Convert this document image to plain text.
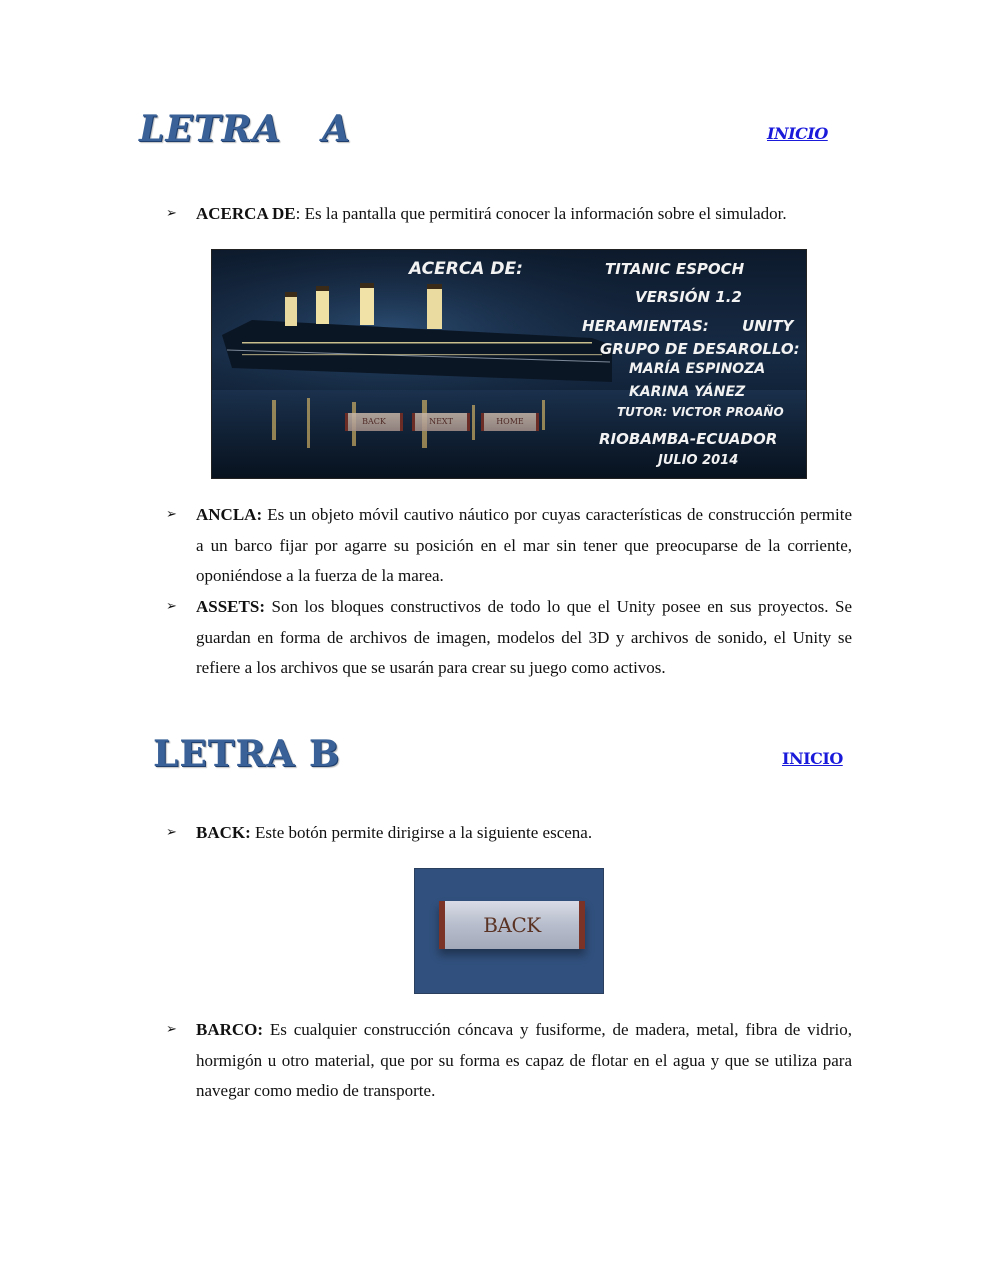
LETRA   A	INICIO
➢ ACERCA DE: Es la pantalla que permitirá conocer la información sobre el simulador.
ACERCA DE:	TITANIC ESPOCH
VERSIÓN 1.2
HERAMIENTAS: UNITY
GRUPO DE DESAROLLO:
MARÍA ESPINOZA
KARINA YÁNEZ
TUTOR: VICTOR PROAÑO
RIOBAMBA-ECUADOR
JULIO 2014
BACK	NEXT	HOME
➢ ANCLA: Es un objeto móvil cautivo náutico por cuyas características de construcción permite a un barco fijar por agarre su posición en el mar sin tener que preocuparse de la corriente, oponiéndose a la fuerza de la marea.
➢ ASSETS: Son los bloques constructivos de todo lo que el Unity posee en sus proyectos. Se guardan en forma de archivos de imagen, modelos del 3D y archivos de sonido, el Unity se refiere a los archivos que se usarán para crear su juego como activos.
LETRA B	INICIO
➢ BACK: Este botón permite dirigirse a la siguiente escena.
BACK
➢ BARCO: Es cualquier construcción cóncava y fusiforme, de madera, metal, fibra de vidrio, hormigón u otro material, que por su forma es capaz de flotar en el agua y que se utiliza para navegar como medio de transporte.
